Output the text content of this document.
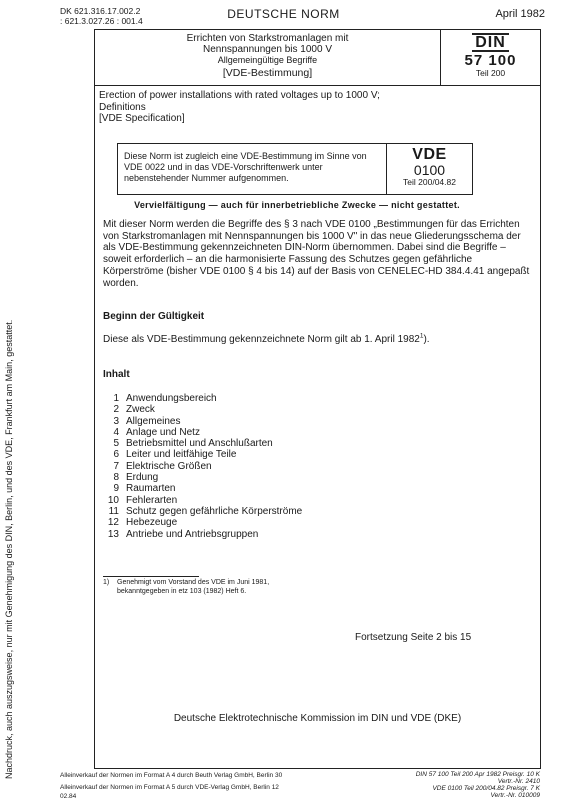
DK 621.316.17.002.2
: 621.3.027.26 : 001.4	DEUTSCHE NORM	April 1982
Errichten von Starkstromanlagen mit
Nennspannungen bis 1000 V
Allgemeingültige Begriffe
[VDE-Bestimmung]
DIN
57 100
Teil 200
Erection of power installations with rated voltages up to 1000 V;
Definitions
[VDE Specification]
Diese Norm ist zugleich eine VDE-Bestimmung im Sinne von VDE 0022 und in das VDE-Vorschriftenwerk unter nebenstehender Nummer aufgenommen.
VDE
0100
Teil 200/04.82
Vervielfältigung — auch für innerbetriebliche Zwecke — nicht gestattet.
Mit dieser Norm werden die Begriffe des § 3 nach VDE 0100 „Bestimmungen für das Errichten von Starkstromanlagen mit Nennspannungen bis 1000 V" in das neue Gliederungsschema der als VDE-Bestimmung gekennzeichneten DIN-Norm übernommen. Dabei sind die Begriffe – soweit erforderlich – an die harmonisierte Fassung des Schutzes gegen gefährliche Körperströme (bisher VDE 0100 § 4 bis 14) auf der Basis von CENELEC-HD 384.4.41 angepaßt worden.
Beginn der Gültigkeit
Diese als VDE-Bestimmung gekennzeichnete Norm gilt ab 1. April 1982$^1$).
Inhalt
1 Anwendungsbereich
2 Zweck
3 Allgemeines
4 Anlage und Netz
5 Betriebsmittel und Anschlußarten
6 Leiter und leitfähige Teile
7 Elektrische Größen
8 Erdung
9 Raumarten
10 Fehlerarten
11 Schutz gegen gefährliche Körperströme
12 Hebezeuge
13 Antriebe und Antriebsgruppen
1) Genehmigt vom Vorstand des VDE im Juni 1981,
bekanntgegeben in etz 103 (1982) Heft 6.
Fortsetzung Seite 2 bis 15
Deutsche Elektrotechnische Kommission im DIN und VDE (DKE)
Nachdruck, auch auszugsweise, nur mit Genehmigung des DIN, Berlin, und des VDE, Frankfurt am Main, gestattet.	Alleinverkauf der Normen im Format A 4 durch Beuth Verlag GmbH, Berlin 30
Alleinverkauf der Normen im Format A 5 durch VDE-Verlag GmbH, Berlin 12
02.84
DIN 57 100 Teil 200 Apr 1982 Preisgr. 10 K
Vertr.-Nr. 2410
VDE 0100 Teil 200/04.82 Preisgr. 7 K
Vertr.-Nr. 010009
